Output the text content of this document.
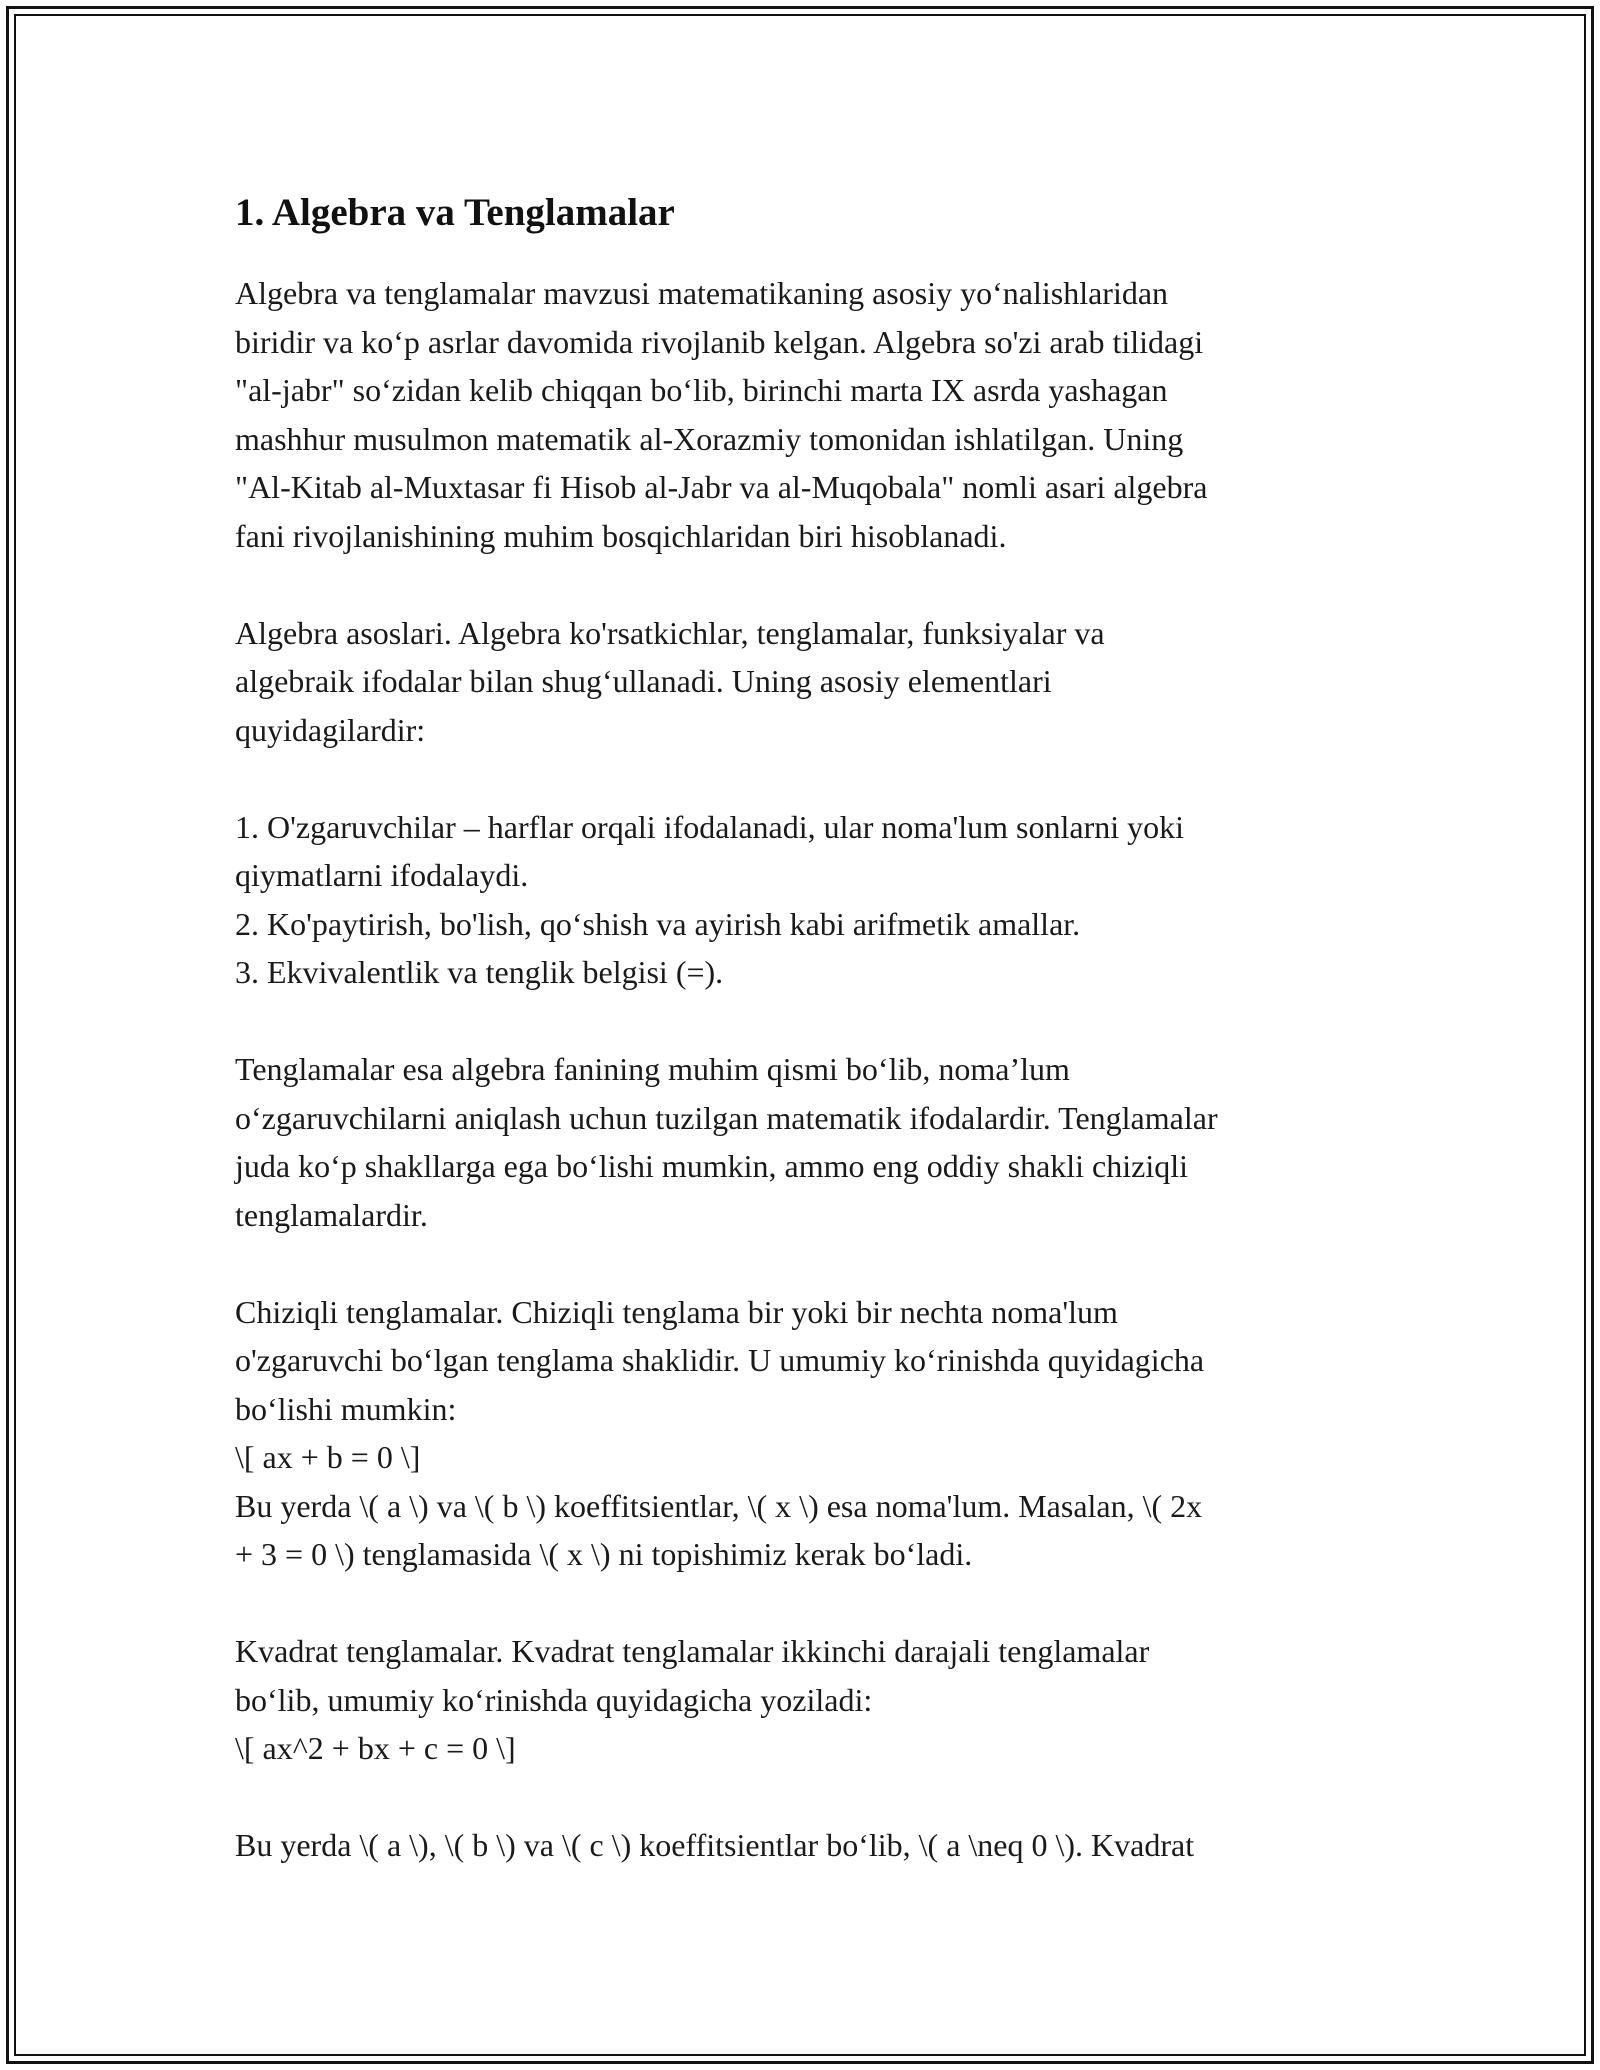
1. Algebra va Tenglamalar
Algebra va tenglamalar mavzusi matematikaning asosiy yo‘nalishlaridan
biridir va ko‘p asrlar davomida rivojlanib kelgan. Algebra so'zi arab tilidagi
"al-jabr" so‘zidan kelib chiqqan bo‘lib, birinchi marta IX asrda yashagan
mashhur musulmon matematik al-Xorazmiy tomonidan ishlatilgan. Uning
"Al-Kitab al-Muxtasar fi Hisob al-Jabr va al-Muqobala" nomli asari algebra
fani rivojlanishining muhim bosqichlaridan biri hisoblanadi.
Algebra asoslari. Algebra ko'rsatkichlar, tenglamalar, funksiyalar va
algebraik ifodalar bilan shug‘ullanadi. Uning asosiy elementlari
quyidagilardir:
1. O'zgaruvchilar – harflar orqali ifodalanadi, ular noma'lum sonlarni yoki
qiymatlarni ifodalaydi.
2. Ko'paytirish, bo'lish, qo‘shish va ayirish kabi arifmetik amallar.
3. Ekvivalentlik va tenglik belgisi (=).
Tenglamalar esa algebra fanining muhim qismi bo‘lib, noma’lum
o‘zgaruvchilarni aniqlash uchun tuzilgan matematik ifodalardir. Tenglamalar
juda ko‘p shakllarga ega bo‘lishi mumkin, ammo eng oddiy shakli chiziqli
tenglamalardir.
Chiziqli tenglamalar. Chiziqli tenglama bir yoki bir nechta noma'lum
o'zgaruvchi bo‘lgan tenglama shaklidir. U umumiy ko‘rinishda quyidagicha
bo‘lishi mumkin:
\[ ax + b = 0 \]
Bu yerda \( a \) va \( b \) koeffitsientlar, \( x \) esa noma'lum. Masalan, \( 2x
+ 3 = 0 \) tenglamasida \( x \) ni topishimiz kerak bo‘ladi.
Kvadrat tenglamalar. Kvadrat tenglamalar ikkinchi darajali tenglamalar
bo‘lib, umumiy ko‘rinishda quyidagicha yoziladi:
\[ ax^2 + bx + c = 0 \]
Bu yerda \( a \), \( b \) va \( c \) koeffitsientlar bo‘lib, \( a \neq 0 \). Kvadrat
